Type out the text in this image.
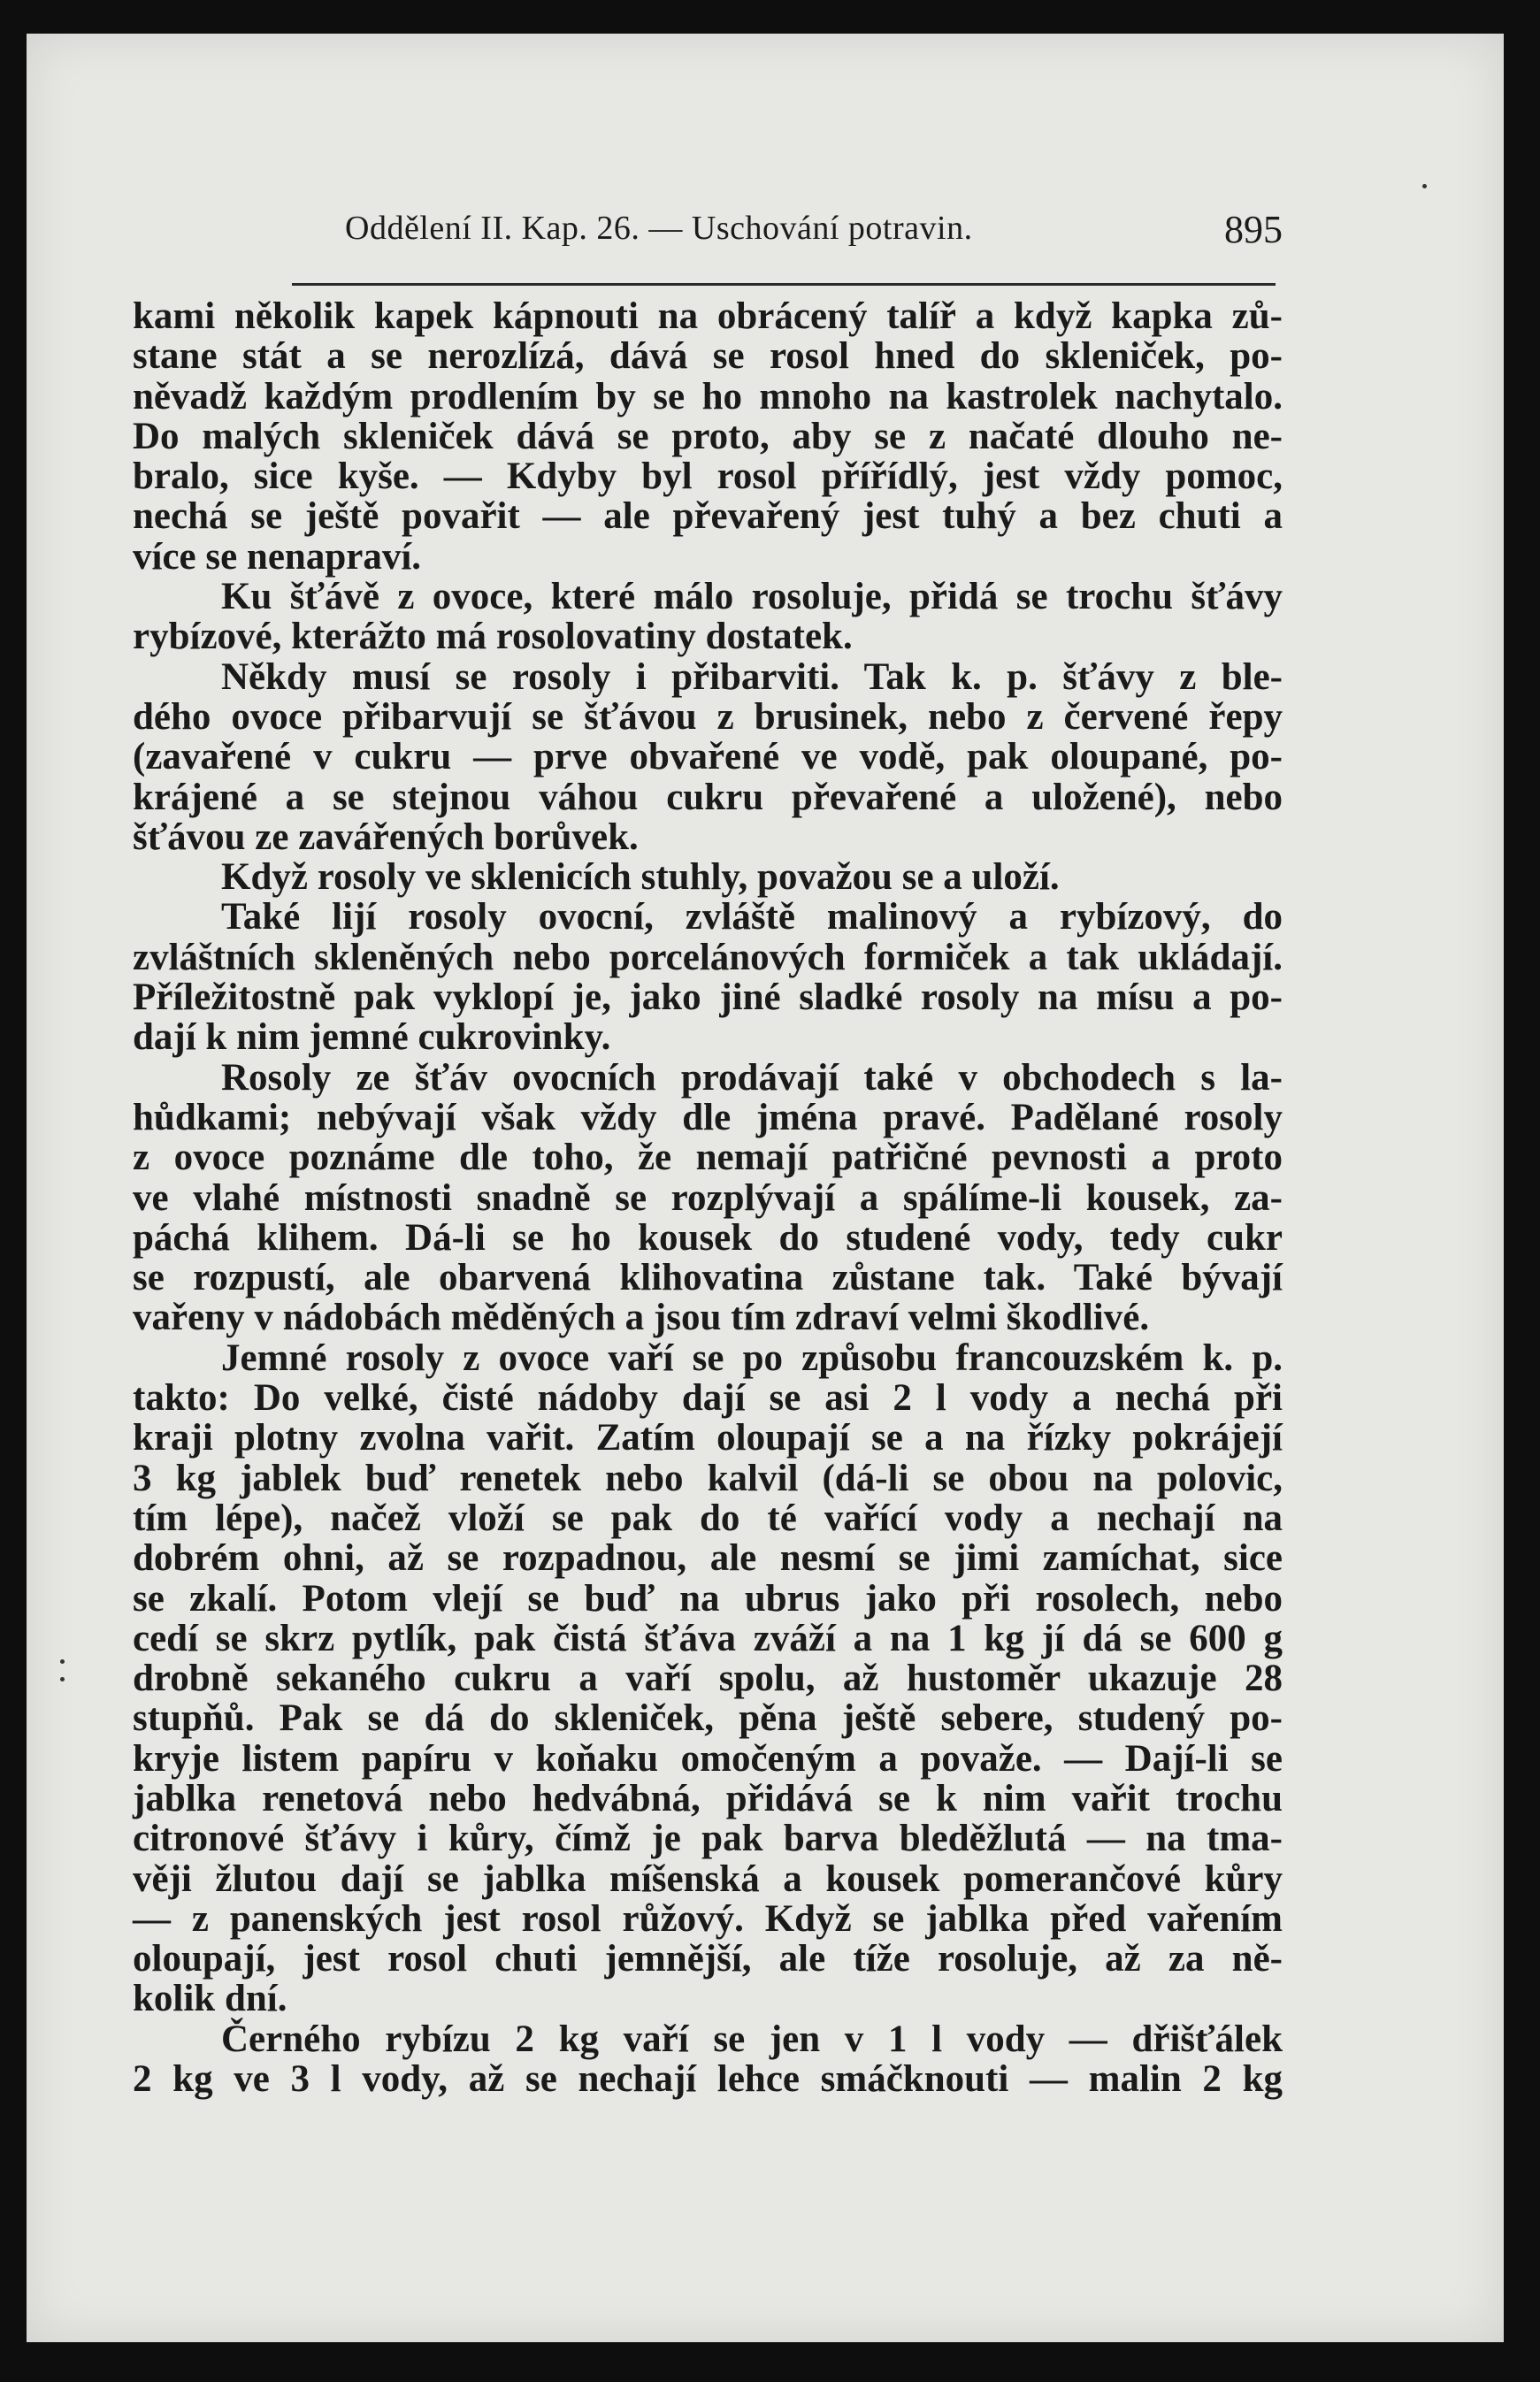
Oddělení II. Kap. 26. — Uschování potravin.	895
kami několik kapek kápnouti na obrácený talíř a když kapka zů-
stane stát a se nerozlízá, dává se rosol hned do skleniček, po-
něvadž každým prodlením by se ho mnoho na kastrolek nachytalo.
Do malých skleniček dává se proto, aby se z načaté dlouho ne-
bralo, sice kyše. — Kdyby byl rosol přířídlý, jest vždy pomoc,
nechá se ještě povařit — ale převařený jest tuhý a bez chuti a
více se nenapraví.
Ku šťávě z ovoce, které málo rosoluje, přidá se trochu šťávy
rybízové, kterážto má rosolovatiny dostatek.
Někdy musí se rosoly i přibarviti. Tak k. p. šťávy z ble-
dého ovoce přibarvují se šťávou z brusinek, nebo z červené řepy
(zavařené v cukru — prve obvařené ve vodě, pak oloupané, po-
krájené a se stejnou váhou cukru převařené a uložené), nebo
šťávou ze zavářených borůvek.
Když rosoly ve sklenicích stuhly, považou se a uloží.
Také lijí rosoly ovocní, zvláště malinový a rybízový, do
zvláštních skleněných nebo porcelánových formiček a tak ukládají.
Příležitostně pak vyklopí je, jako jiné sladké rosoly na mísu a po-
dají k nim jemné cukrovinky.
Rosoly ze šťáv ovocních prodávají také v obchodech s la-
hůdkami; nebývají však vždy dle jména pravé. Padělané rosoly
z ovoce poznáme dle toho, že nemají patřičné pevnosti a proto
ve vlahé místnosti snadně se rozplývají a spálíme-li kousek, za-
páchá klihem. Dá-li se ho kousek do studené vody, tedy cukr
se rozpustí, ale obarvená klihovatina zůstane tak. Také bývají
vařeny v nádobách měděných a jsou tím zdraví velmi škodlivé.
Jemné rosoly z ovoce vaří se po způsobu francouzském k. p.
takto: Do velké, čisté nádoby dají se asi 2 l vody a nechá při
kraji plotny zvolna vařit. Zatím oloupají se a na řízky pokrájejí
3 kg jablek buď renetek nebo kalvil (dá-li se obou na polovic,
tím lépe), načež vloží se pak do té vařící vody a nechají na
dobrém ohni, až se rozpadnou, ale nesmí se jimi zamíchat, sice
se zkalí. Potom vlejí se buď na ubrus jako při rosolech, nebo
cedí se skrz pytlík, pak čistá šťáva zváží a na 1 kg jí dá se 600 g
drobně sekaného cukru a vaří spolu, až hustoměr ukazuje 28
stupňů. Pak se dá do skleniček, pěna ještě sebere, studený po-
kryje listem papíru v koňaku omočeným a považe. — Dají-li se
jablka renetová nebo hedvábná, přidává se k nim vařit trochu
citronové šťávy i kůry, čímž je pak barva bleděžlutá — na tma-
věji žlutou dají se jablka míšenská a kousek pomerančové kůry
— z panenských jest rosol růžový. Když se jablka před vařením
oloupají, jest rosol chuti jemnější, ale tíže rosoluje, až za ně-
kolik dní.
Černého rybízu 2 kg vaří se jen v 1 l vody — dřišťálek
2 kg ve 3 l vody, až se nechají lehce smáčknouti — malin 2 kg
